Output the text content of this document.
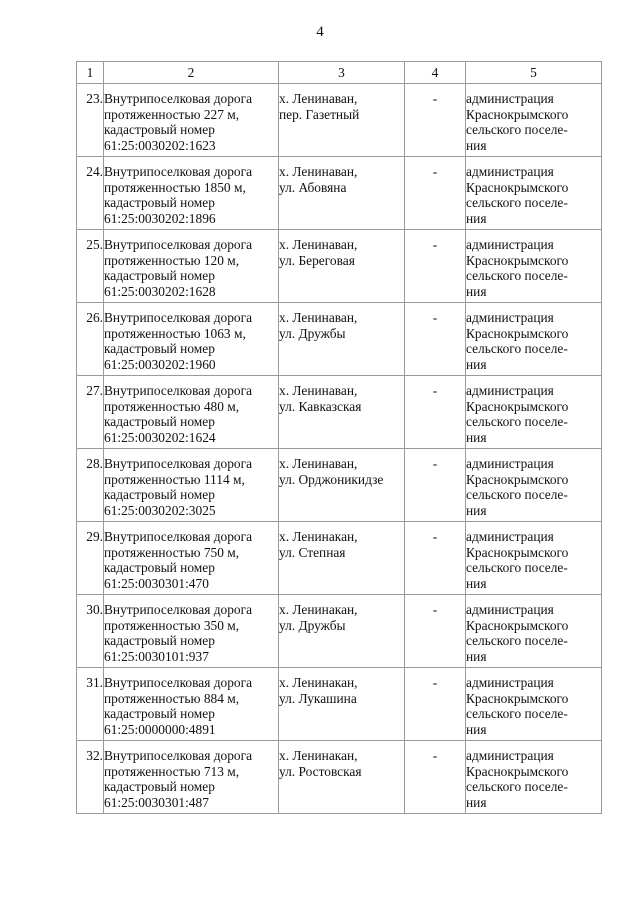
4
1	2	3	4	5
23.	Внутрипоселковая дорога
протяженностью 227 м,
кадастровый номер
61:25:0030202:1623	х. Ленинаван,
пер. Газетный	-	администрация
Краснокрымского
сельского поселе-
ния

24.	Внутрипоселковая дорога
протяженностью 1850 м,
кадастровый номер
61:25:0030202:1896	х. Ленинаван,
ул. Абовяна	-	администрация
Краснокрымского
сельского поселе-
ния

25.	Внутрипоселковая дорога
протяженностью 120 м,
кадастровый номер
61:25:0030202:1628	х. Ленинаван,
ул. Береговая	-	администрация
Краснокрымского
сельского поселе-
ния

26.	Внутрипоселковая дорога
протяженностью 1063 м,
кадастровый номер
61:25:0030202:1960	х. Ленинаван,
ул. Дружбы	-	администрация
Краснокрымского
сельского поселе-
ния

27.	Внутрипоселковая дорога
протяженностью 480 м,
кадастровый номер
61:25:0030202:1624	х. Ленинаван,
ул. Кавказская	-	администрация
Краснокрымского
сельского поселе-
ния

28.	Внутрипоселковая дорога
протяженностью 1114 м,
кадастровый номер
61:25:0030202:3025	х. Ленинаван,
ул. Орджоникидзе	-	администрация
Краснокрымского
сельского поселе-
ния

29.	Внутрипоселковая дорога
протяженностью 750 м,
кадастровый номер
61:25:0030301:470	х. Ленинакан,
ул. Степная	-	администрация
Краснокрымского
сельского поселе-
ния

30.	Внутрипоселковая дорога
протяженностью 350 м,
кадастровый номер
61:25:0030101:937	х. Ленинакан,
ул. Дружбы	-	администрация
Краснокрымского
сельского поселе-
ния

31.	Внутрипоселковая дорога
протяженностью 884 м,
кадастровый номер
61:25:0000000:4891	х. Ленинакан,
ул. Лукашина	-	администрация
Краснокрымского
сельского поселе-
ния

32.	Внутрипоселковая дорога
протяженностью 713 м,
кадастровый номер
61:25:0030301:487	х. Ленинакан,
ул. Ростовская	-	администрация
Краснокрымского
сельского поселе-
ния
